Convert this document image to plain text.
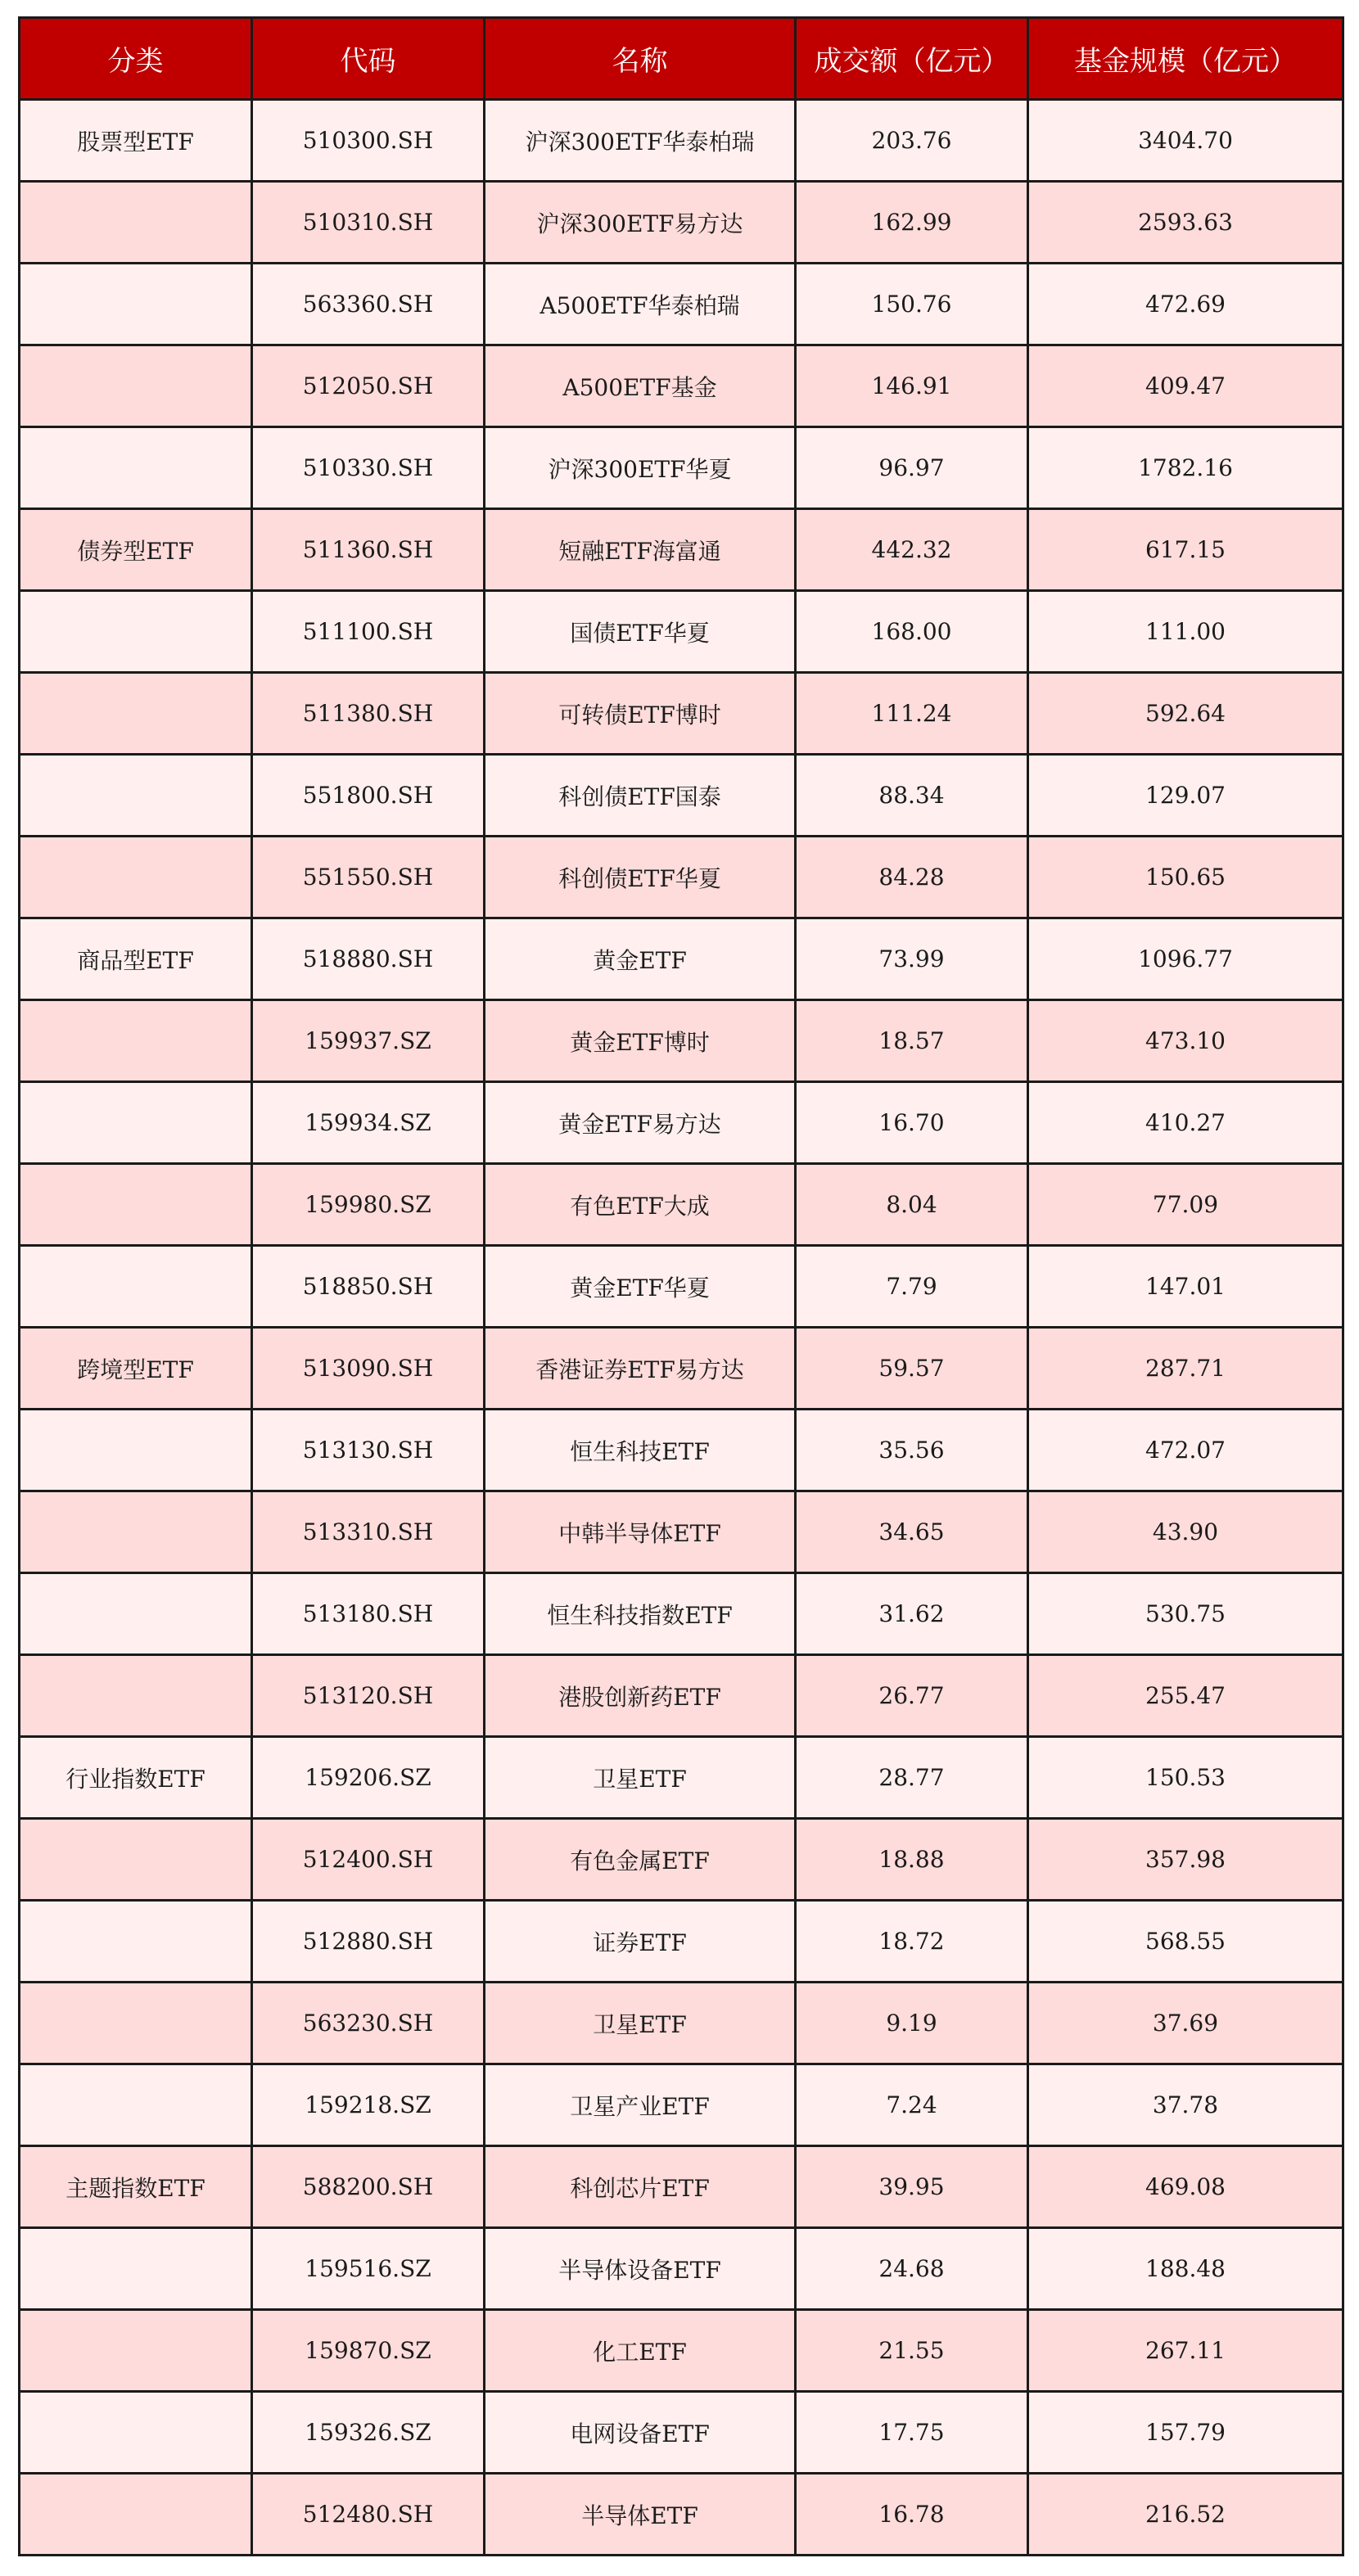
分类	代码	名称	成交额（亿元）	基金规模（亿元）
股票型ETF	510300.SH	沪深300ETF华泰柏瑞	203.76	3404.70
	510310.SH	沪深300ETF易方达	162.99	2593.63
	563360.SH	A500ETF华泰柏瑞	150.76	472.69
	512050.SH	A500ETF基金	146.91	409.47
	510330.SH	沪深300ETF华夏	96.97	1782.16
债券型ETF	511360.SH	短融ETF海富通	442.32	617.15
	511100.SH	国债ETF华夏	168.00	111.00
	511380.SH	可转债ETF博时	111.24	592.64
	551800.SH	科创债ETF国泰	88.34	129.07
	551550.SH	科创债ETF华夏	84.28	150.65
商品型ETF	518880.SH	黄金ETF	73.99	1096.77
	159937.SZ	黄金ETF博时	18.57	473.10
	159934.SZ	黄金ETF易方达	16.70	410.27
	159980.SZ	有色ETF大成	8.04	77.09
	518850.SH	黄金ETF华夏	7.79	147.01
跨境型ETF	513090.SH	香港证券ETF易方达	59.57	287.71
	513130.SH	恒生科技ETF	35.56	472.07
	513310.SH	中韩半导体ETF	34.65	43.90
	513180.SH	恒生科技指数ETF	31.62	530.75
	513120.SH	港股创新药ETF	26.77	255.47
行业指数ETF	159206.SZ	卫星ETF	28.77	150.53
	512400.SH	有色金属ETF	18.88	357.98
	512880.SH	证券ETF	18.72	568.55
	563230.SH	卫星ETF	9.19	37.69
	159218.SZ	卫星产业ETF	7.24	37.78
主题指数ETF	588200.SH	科创芯片ETF	39.95	469.08
	159516.SZ	半导体设备ETF	24.68	188.48
	159870.SZ	化工ETF	21.55	267.11
	159326.SZ	电网设备ETF	17.75	157.79
	512480.SH	半导体ETF	16.78	216.52
